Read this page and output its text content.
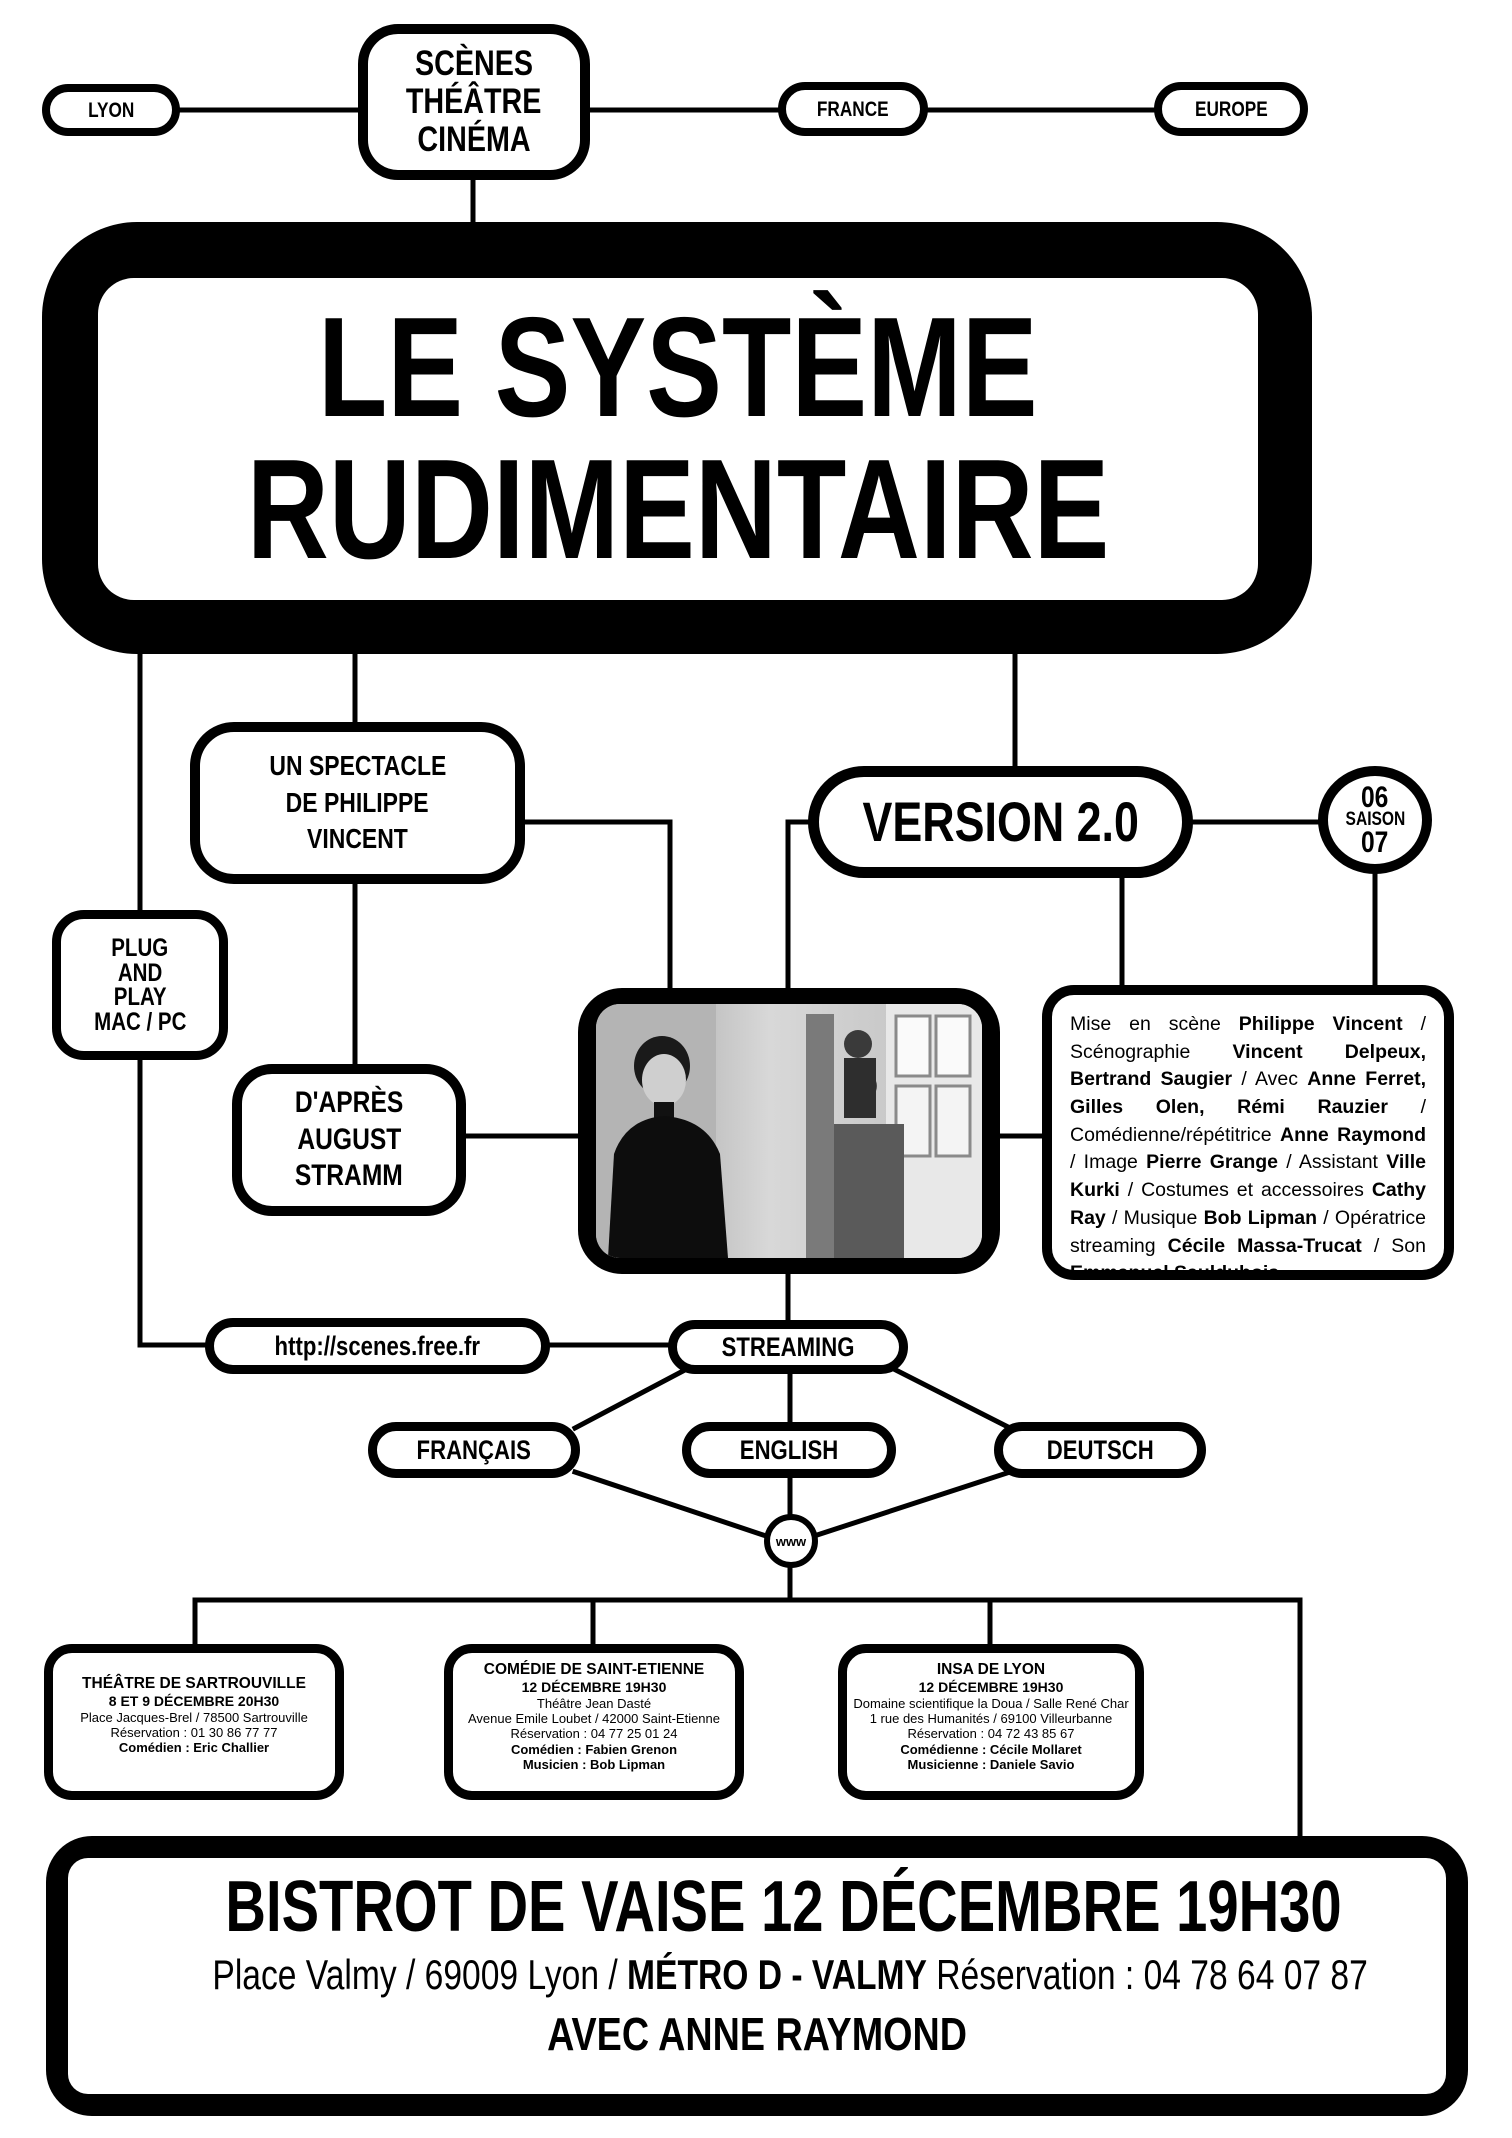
LYON
SCÈNES
THÉÂTRE
CINÉMA
FRANCE	EUROPE
LE SYSTÈME
RUDIMENTAIRE
UN SPECTACLE
DE PHILIPPE
VINCENT	VERSION 2.0	06
SAISON
07
PLUG
AND
PLAY
MAC / PC
D'APRÈS
AUGUST
STRAMM
Mise en scène Philippe Vincent / Scénographie Vincent Delpeux, Bertrand Saugier / Avec Anne Ferret, Gilles Olen, Rémi Rauzier / Comédienne/répétitrice Anne Raymond / Image Pierre Grange / Assistant Ville Kurki / Costumes et accessoires Cathy Ray / Musique Bob Lipman / Opératrice streaming Cécile Massa-Trucat / Son Emmanuel Sauldubois.
http://scenes.free.fr	STREAMING
FRANÇAIS	ENGLISH	DEUTSCH
www
THÉÂTRE DE SARTROUVILLE
8 ET 9 DÉCEMBRE 20H30
Place Jacques-Brel / 78500 Sartrouville
Réservation : 01 30 86 77 77
Comédien : Eric Challier
COMÉDIE DE SAINT-ETIENNE
12 DÉCEMBRE 19H30
Théâtre Jean Dasté
Avenue Emile Loubet / 42000 Saint-Etienne
Réservation : 04 77 25 01 24
Comédien : Fabien Grenon
Musicien : Bob Lipman
INSA DE LYON
12 DÉCEMBRE 19H30
Domaine scientifique la Doua / Salle René Char
1 rue des Humanités / 69100 Villeurbanne
Réservation : 04 72 43 85 67
Comédienne : Cécile Mollaret
Musicienne : Daniele Savio
BISTROT DE VAISE 12 DÉCEMBRE 19H30
Place Valmy / 69009 Lyon / MÉTRO D - VALMY Réservation : 04 78 64 07 87
AVEC ANNE RAYMOND
